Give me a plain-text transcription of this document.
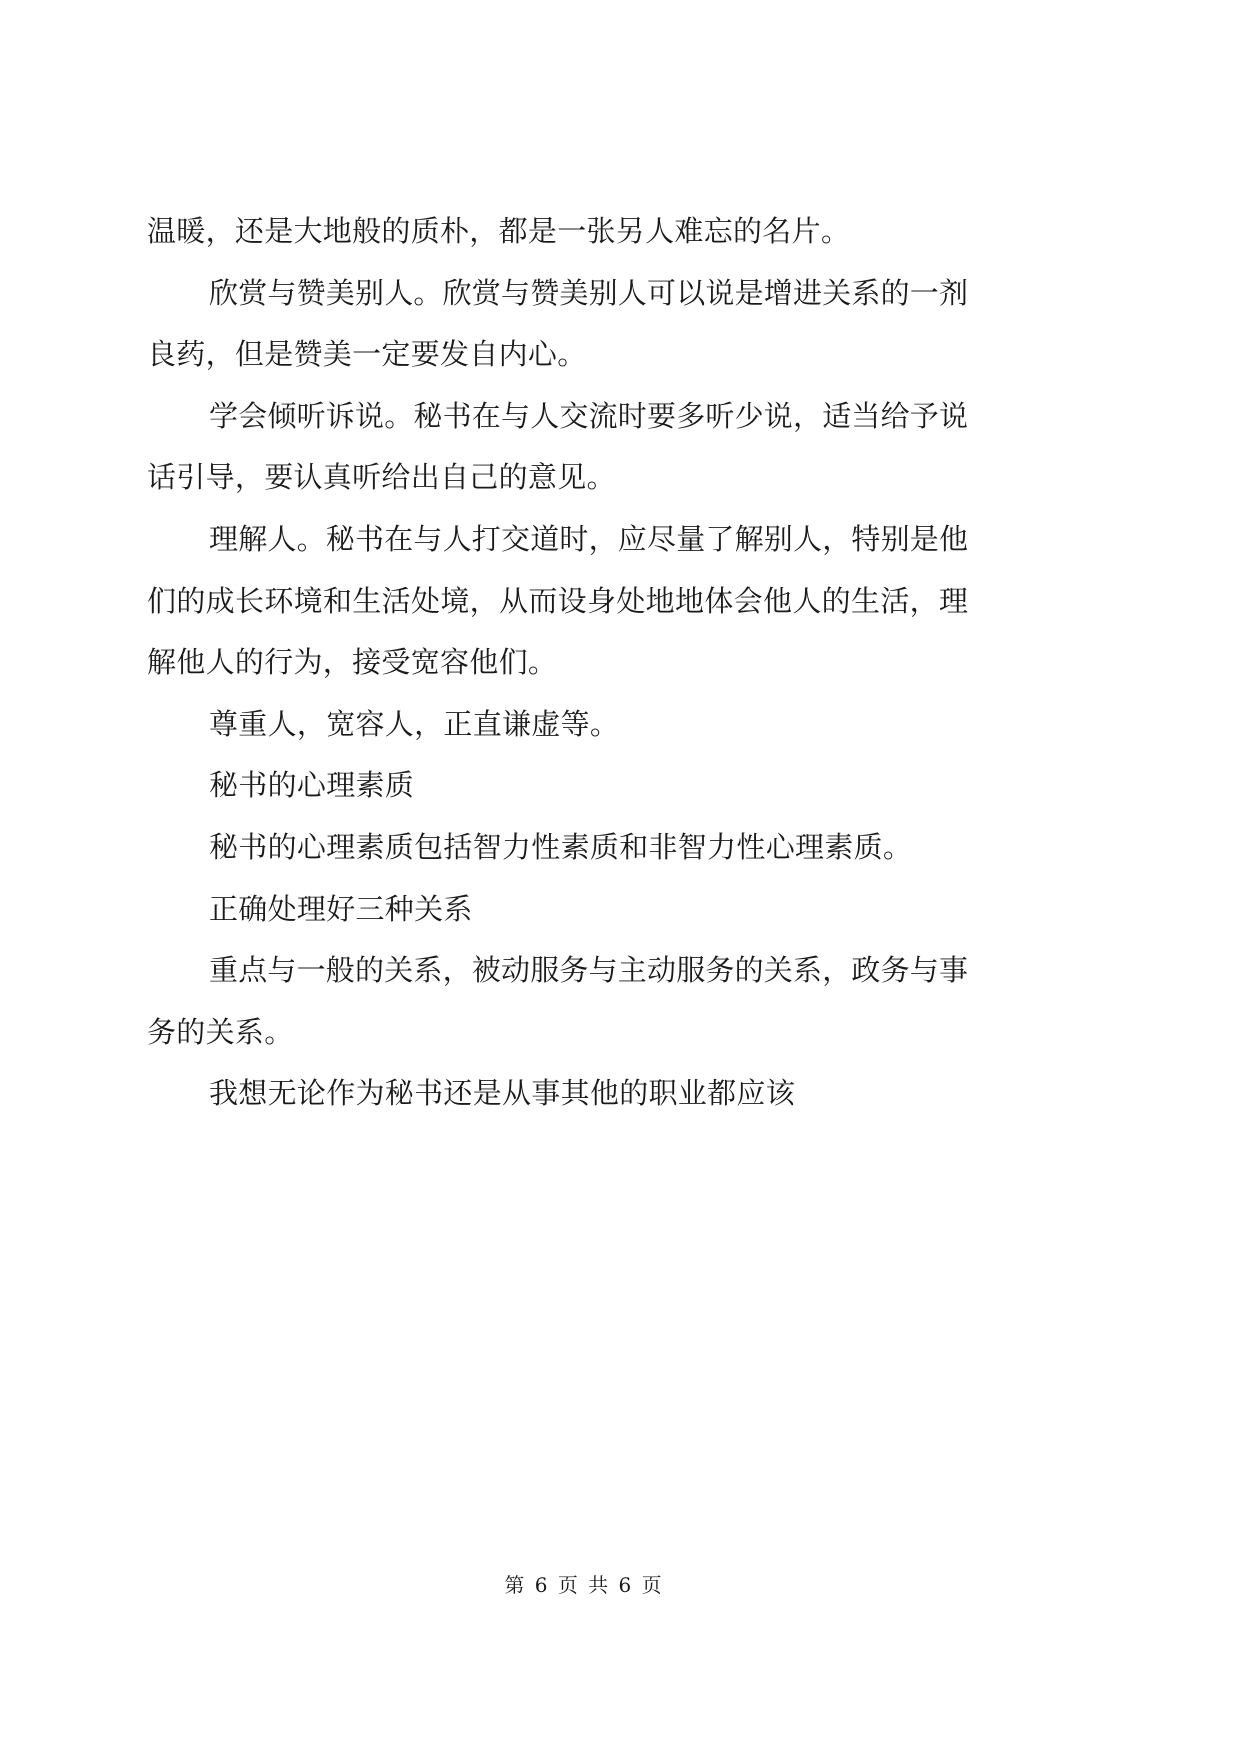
温暖，还是大地般的质朴，都是一张另人难忘的名片。
欣赏与赞美别人。欣赏与赞美别人可以说是增进关系的一剂
良药，但是赞美一定要发自内心。
学会倾听诉说。秘书在与人交流时要多听少说，适当给予说
话引导，要认真听给出自己的意见。
理解人。秘书在与人打交道时，应尽量了解别人，特别是他
们的成长环境和生活处境，从而设身处地地体会他人的生活，理
解他人的行为，接受宽容他们。
尊重人，宽容人，正直谦虚等。
秘书的心理素质
秘书的心理素质包括智力性素质和非智力性心理素质。
正确处理好三种关系
重点与一般的关系，被动服务与主动服务的关系，政务与事
务的关系。
我想无论作为秘书还是从事其他的职业都应该
第 6 页 共 6 页
